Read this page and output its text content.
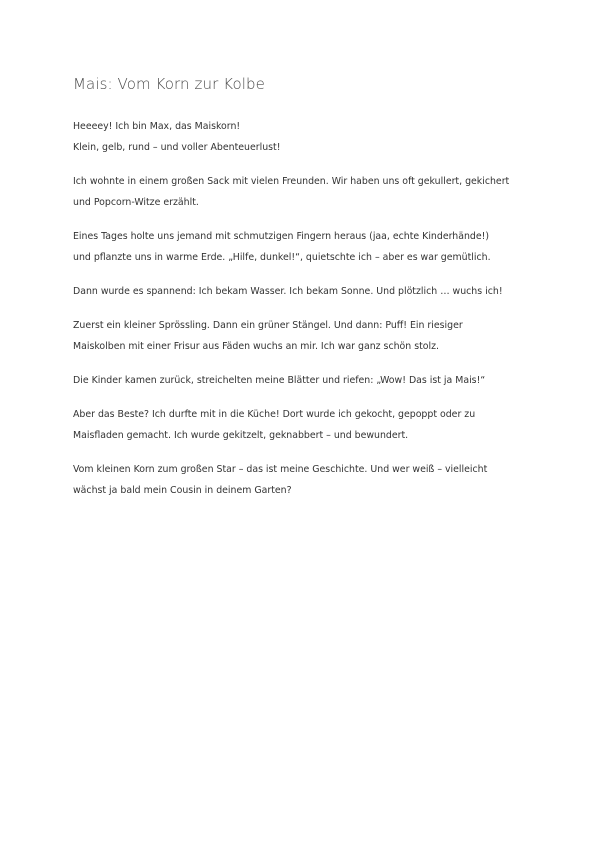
Mais: Vom Korn zur Kolbe

Heeeey! Ich bin Max, das Maiskorn!
Klein, gelb, rund – und voller Abenteuerlust!

Ich wohnte in einem großen Sack mit vielen Freunden. Wir haben uns oft gekullert, gekichert
und Popcorn-Witze erzählt.

Eines Tages holte uns jemand mit schmutzigen Fingern heraus (jaa, echte Kinderhände!)
und pflanzte uns in warme Erde. „Hilfe, dunkel!“, quietschte ich – aber es war gemütlich.

Dann wurde es spannend: Ich bekam Wasser. Ich bekam Sonne. Und plötzlich … wuchs ich!

Zuerst ein kleiner Sprössling. Dann ein grüner Stängel. Und dann: Puff! Ein riesiger
Maiskolben mit einer Frisur aus Fäden wuchs an mir. Ich war ganz schön stolz.

Die Kinder kamen zurück, streichelten meine Blätter und riefen: „Wow! Das ist ja Mais!“

Aber das Beste? Ich durfte mit in die Küche! Dort wurde ich gekocht, gepoppt oder zu
Maisfladen gemacht. Ich wurde gekitzelt, geknabbert – und bewundert.

Vom kleinen Korn zum großen Star – das ist meine Geschichte. Und wer weiß – vielleicht
wächst ja bald mein Cousin in deinem Garten?
